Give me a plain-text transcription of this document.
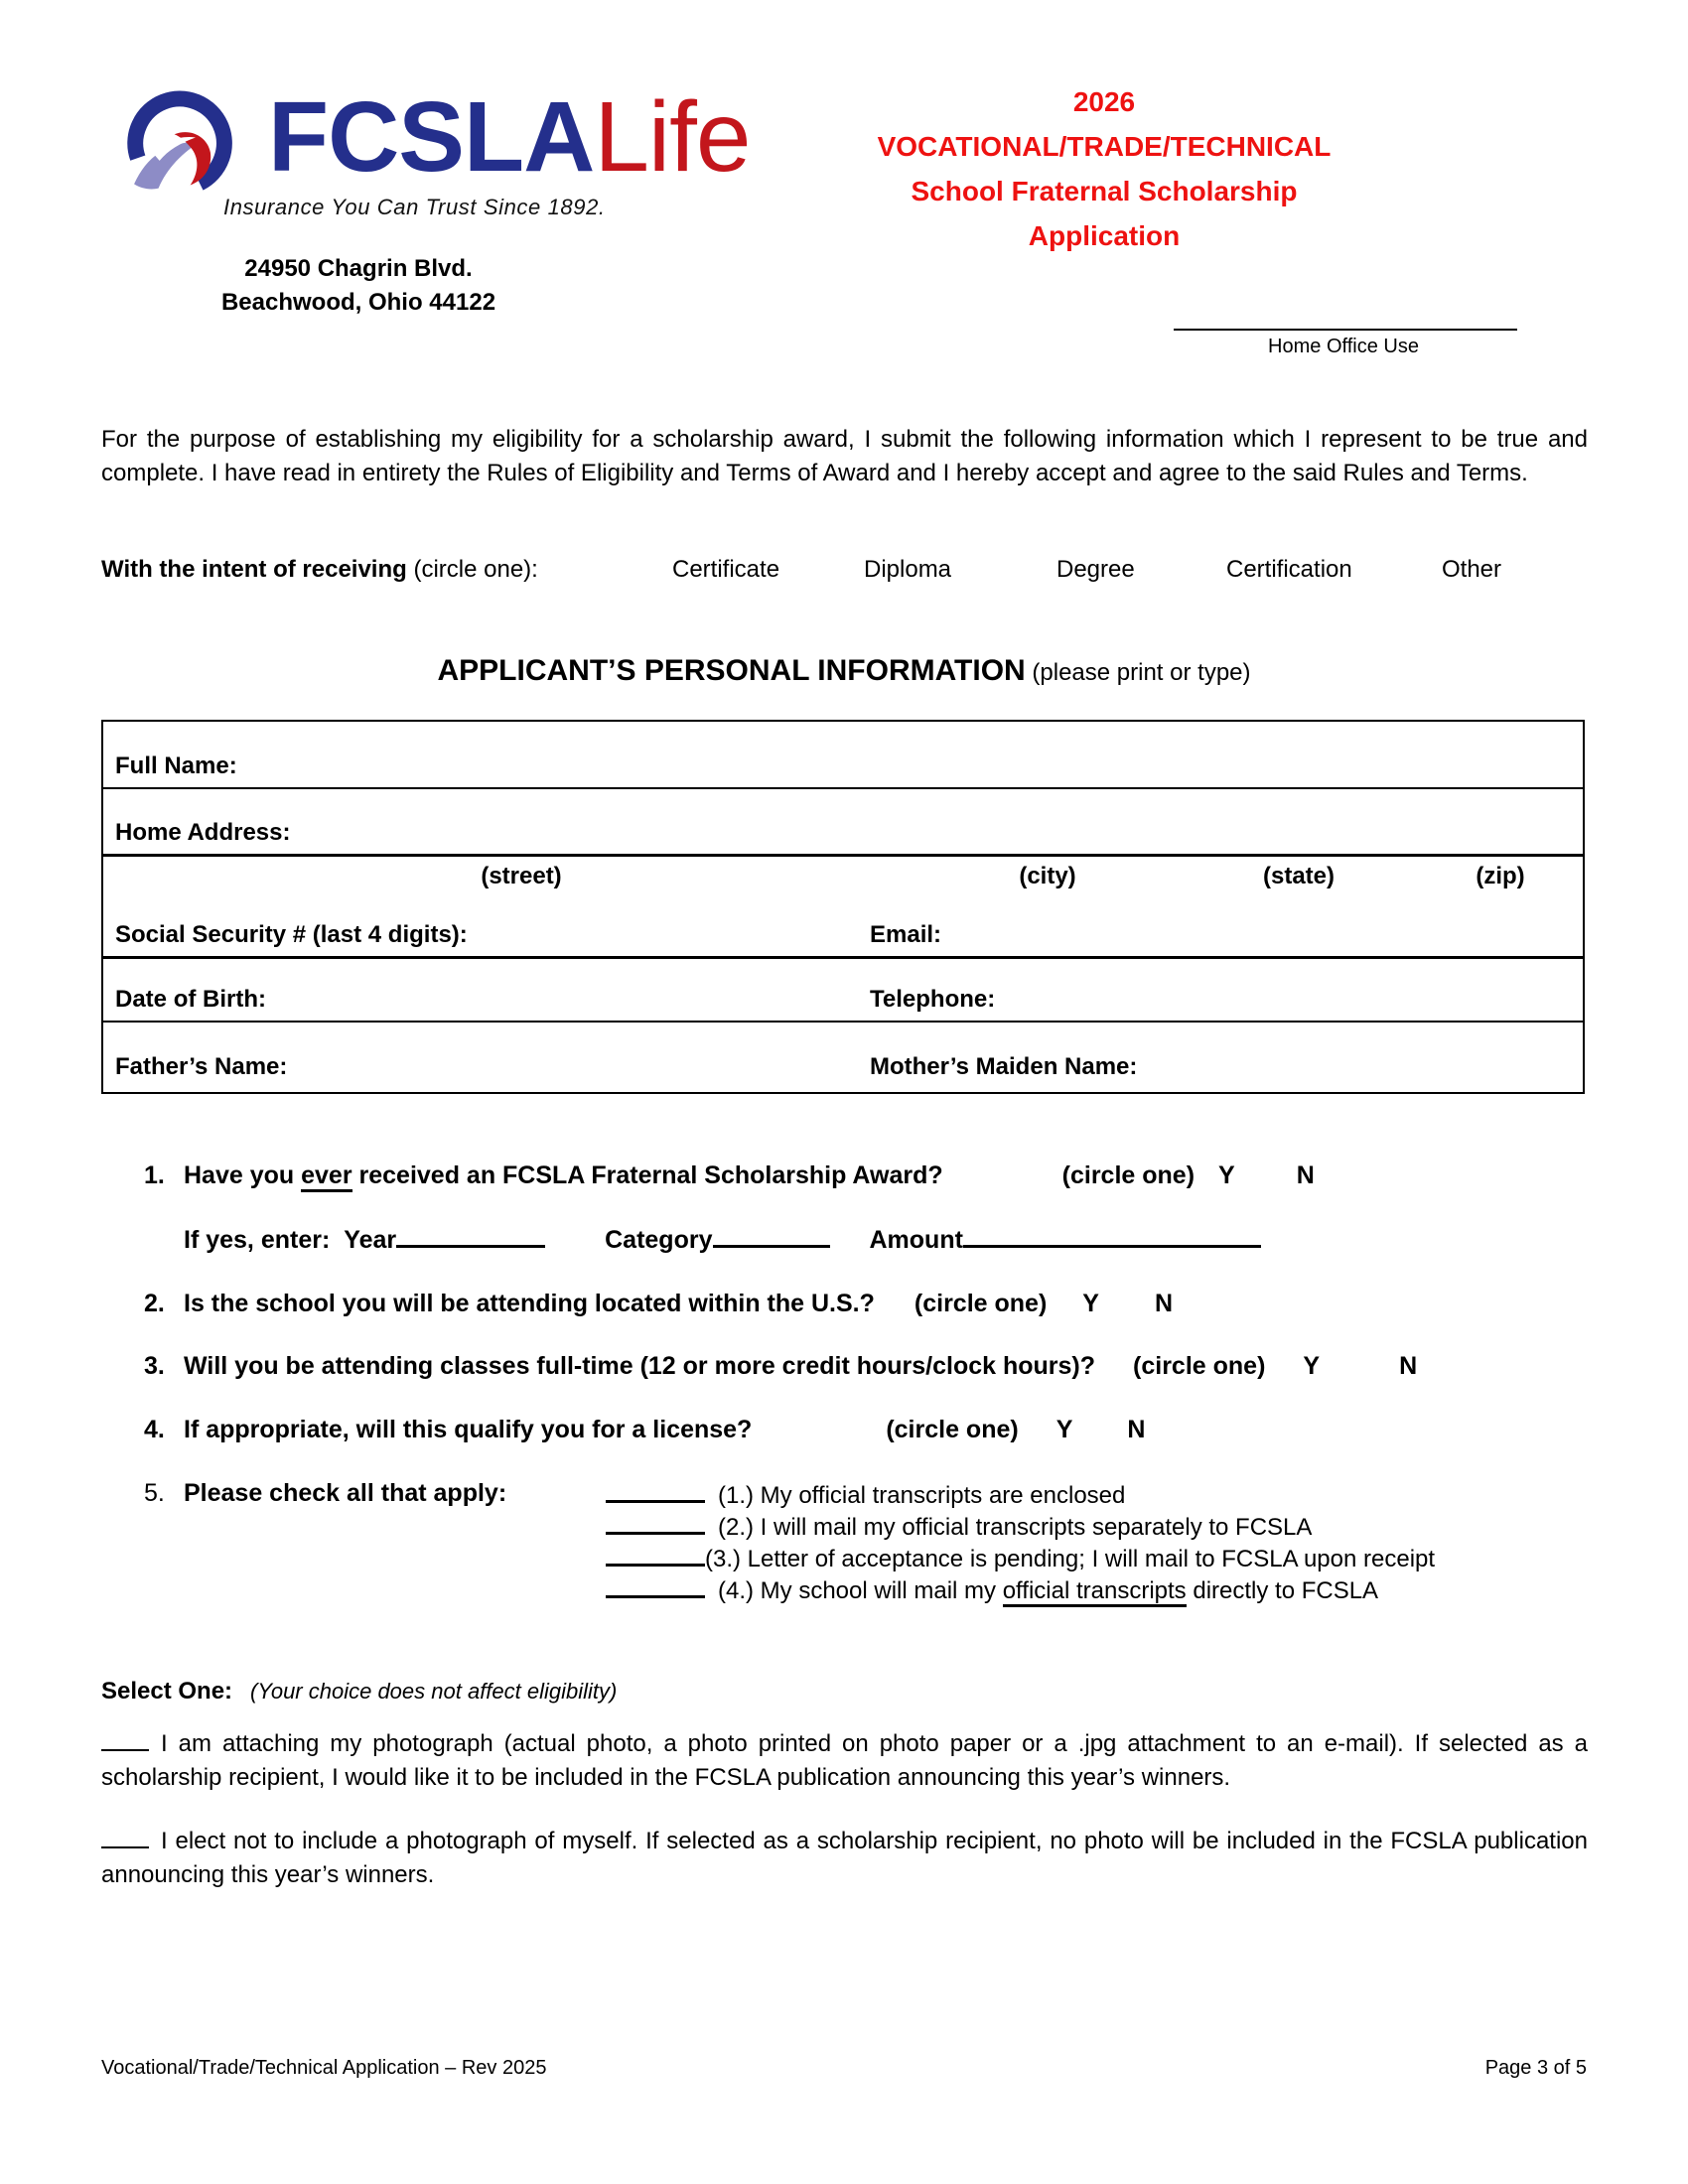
FCSLALife
Insurance You Can Trust Since 1892.
24950 Chagrin Blvd.
Beachwood, Ohio 44122
2026
VOCATIONAL/TRADE/TECHNICAL
School Fraternal Scholarship
Application
Home Office Use
For the purpose of establishing my eligibility for a scholarship award, I submit the following information which I represent to be true and complete. I have read in entirety the Rules of Eligibility and Terms of Award and I hereby accept and agree to the said Rules and Terms.
With the intent of receiving (circle one):	Certificate	Diploma	Degree	Certification	Other
APPLICANT’S PERSONAL INFORMATION (please print or type)
Full Name:
Home Address:
(street)	(city)	(state)	(zip)
Social Security # (last 4 digits):	Email:
Date of Birth:	Telephone:
Father’s Name:	Mother’s Maiden Name:
1. Have you ever received an FCSLA Fraternal Scholarship Award?	(circle one) Y N
If yes, enter: Year	Category	Amount
2. Is the school you will be attending located within the U.S.? (circle one) Y N
3. Will you be attending classes full-time (12 or more credit hours/clock hours)? (circle one) Y	N
4. If appropriate, will this qualify you for a license?	(circle one) Y N
5. Please check all that apply:	(1.) My official transcripts are enclosed
(2.) I will mail my official transcripts separately to FCSLA
(3.) Letter of acceptance is pending; I will mail to FCSLA upon receipt
(4.) My school will mail my official transcripts directly to FCSLA
Select One: (Your choice does not affect eligibility)
I am attaching my photograph (actual photo, a photo printed on photo paper or a .jpg attachment to an e-mail). If selected as a scholarship recipient, I would like it to be included in the FCSLA publication announcing this year’s winners.
I elect not to include a photograph of myself. If selected as a scholarship recipient, no photo will be included in the FCSLA publication announcing this year’s winners.
Vocational/Trade/Technical Application – Rev 2025	Page 3 of 5
